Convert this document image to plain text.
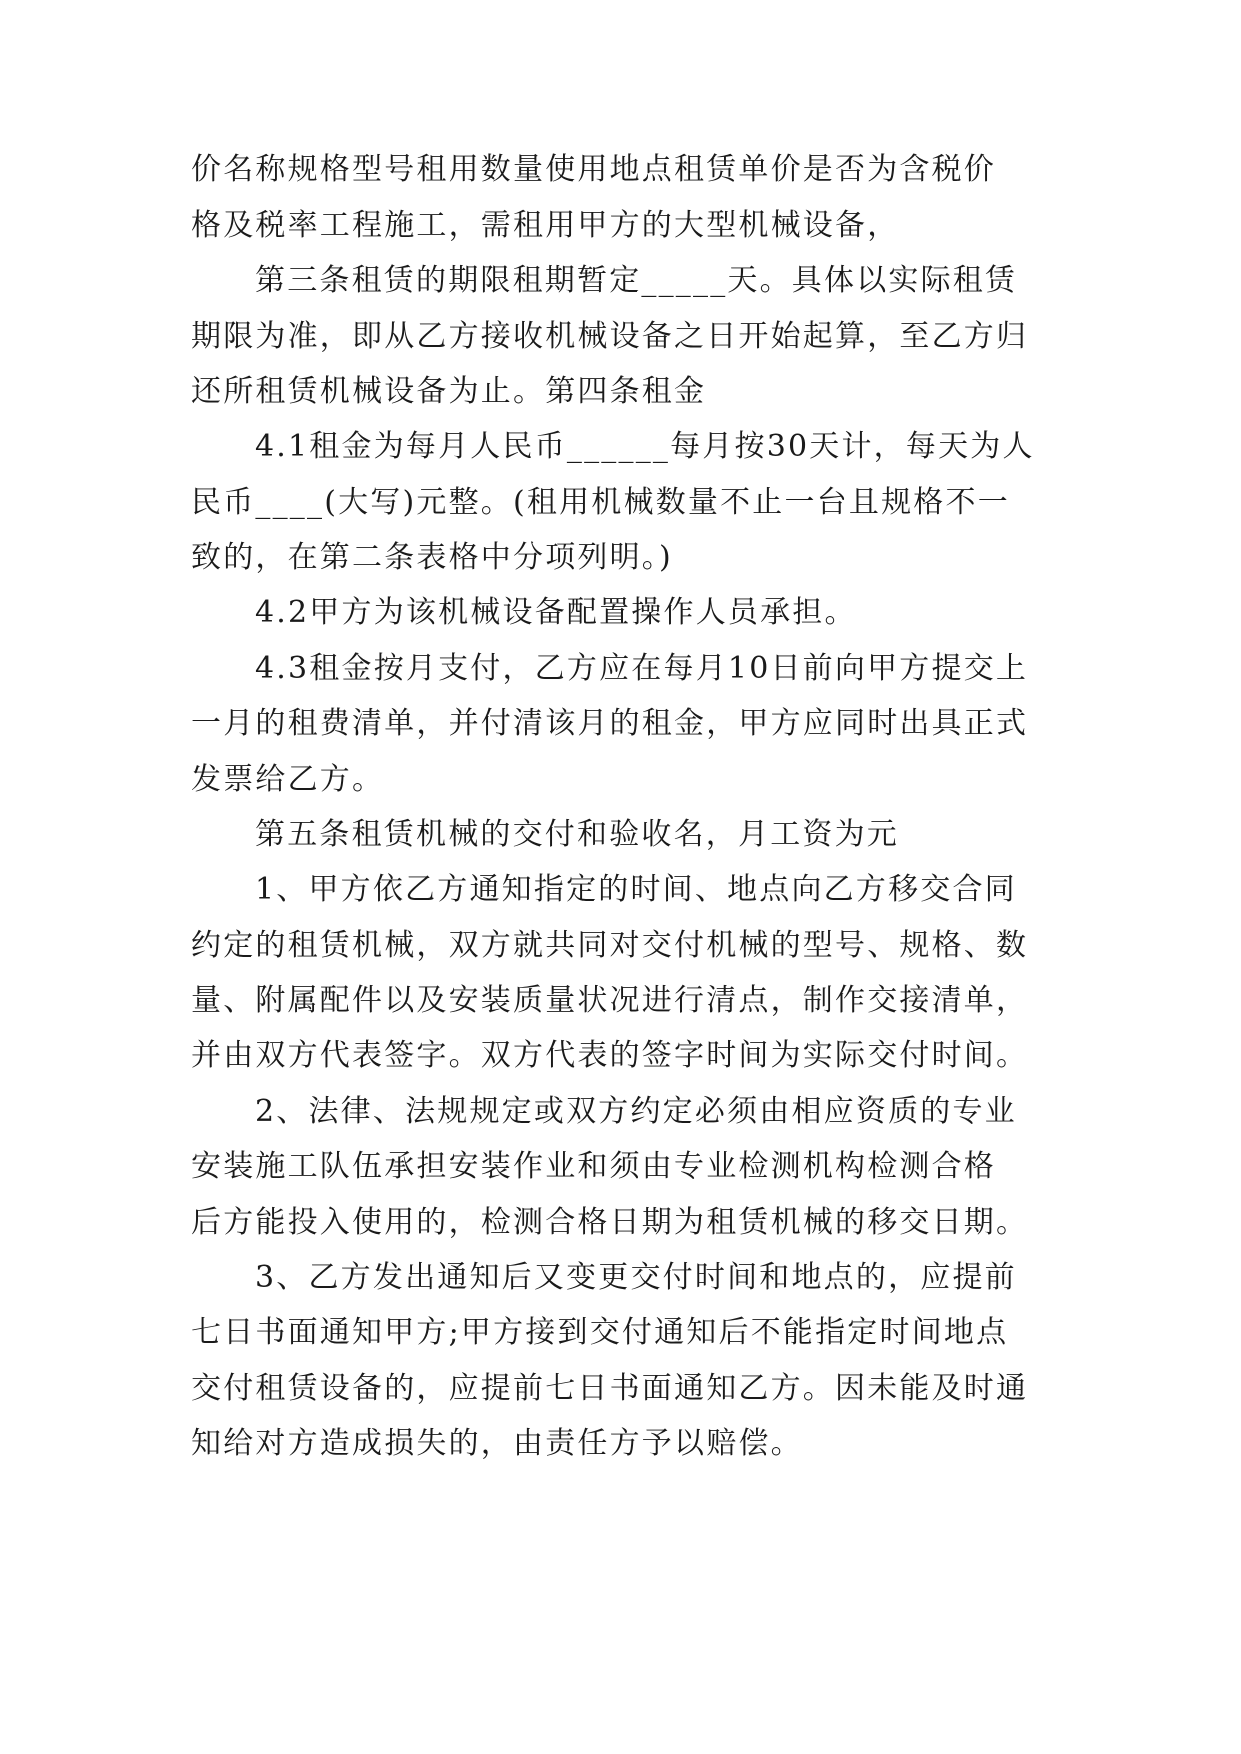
价名称规格型号租用数量使用地点租赁单价是否为含税价
格及税率工程施工，需租用甲方的大型机械设备，
第三条租赁的期限租期暂定_____天。具体以实际租赁
期限为准，即从乙方接收机械设备之日开始起算，至乙方归
还所租赁机械设备为止。第四条租金
4.1租金为每月人民币______每月按30天计，每天为人
民币____(大写)元整。(租用机械数量不止一台且规格不一
致的，在第二条表格中分项列明。)
4.2甲方为该机械设备配置操作人员承担。
4.3租金按月支付，乙方应在每月10日前向甲方提交上
一月的租费清单，并付清该月的租金，甲方应同时出具正式
发票给乙方。
第五条租赁机械的交付和验收名，月工资为元
1、甲方依乙方通知指定的时间、地点向乙方移交合同
约定的租赁机械，双方就共同对交付机械的型号、规格、数
量、附属配件以及安装质量状况进行清点，制作交接清单，
并由双方代表签字。双方代表的签字时间为实际交付时间。
2、法律、法规规定或双方约定必须由相应资质的专业
安装施工队伍承担安装作业和须由专业检测机构检测合格
后方能投入使用的，检测合格日期为租赁机械的移交日期。
3、乙方发出通知后又变更交付时间和地点的，应提前
七日书面通知甲方;甲方接到交付通知后不能指定时间地点
交付租赁设备的，应提前七日书面通知乙方。因未能及时通
知给对方造成损失的，由责任方予以赔偿。
